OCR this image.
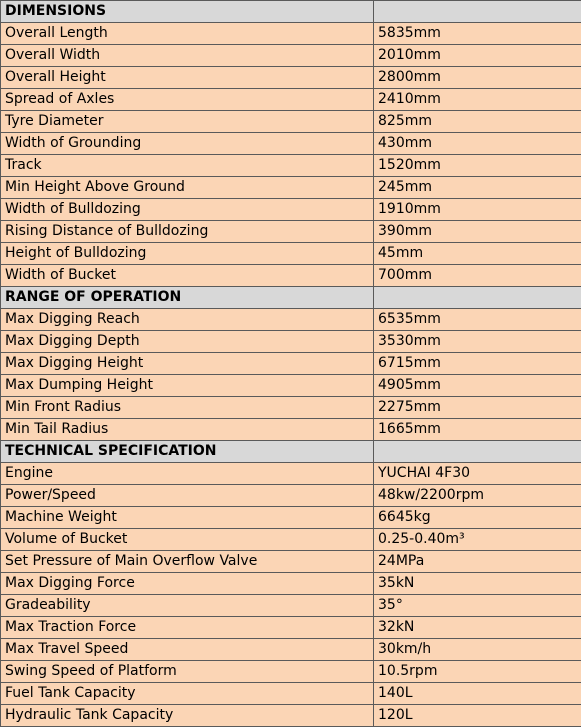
DIMENSIONS	
Overall Length	5835mm
Overall Width	2010mm
Overall Height	2800mm
Spread of Axles	2410mm
Tyre Diameter	825mm
Width of Grounding	430mm
Track	1520mm
Min Height Above Ground	245mm
Width of Bulldozing	1910mm
Rising Distance of Bulldozing	390mm
Height of Bulldozing	45mm
Width of Bucket	700mm
RANGE OF OPERATION	
Max Digging Reach	6535mm
Max Digging Depth	3530mm
Max Digging Height	6715mm
Max Dumping Height	4905mm
Min Front Radius	2275mm
Min Tail Radius	1665mm
TECHNICAL SPECIFICATION	
Engine	YUCHAI 4F30
Power/Speed	48kw/2200rpm
Machine Weight	6645kg
Volume of Bucket	0.25-0.40m³
Set Pressure of Main Overflow Valve	24MPa
Max Digging Force	35kN
Gradeability	35°
Max Traction Force	32kN
Max Travel Speed	30km/h
Swing Speed of Platform	10.5rpm
Fuel Tank Capacity	140L
Hydraulic Tank Capacity	120L
